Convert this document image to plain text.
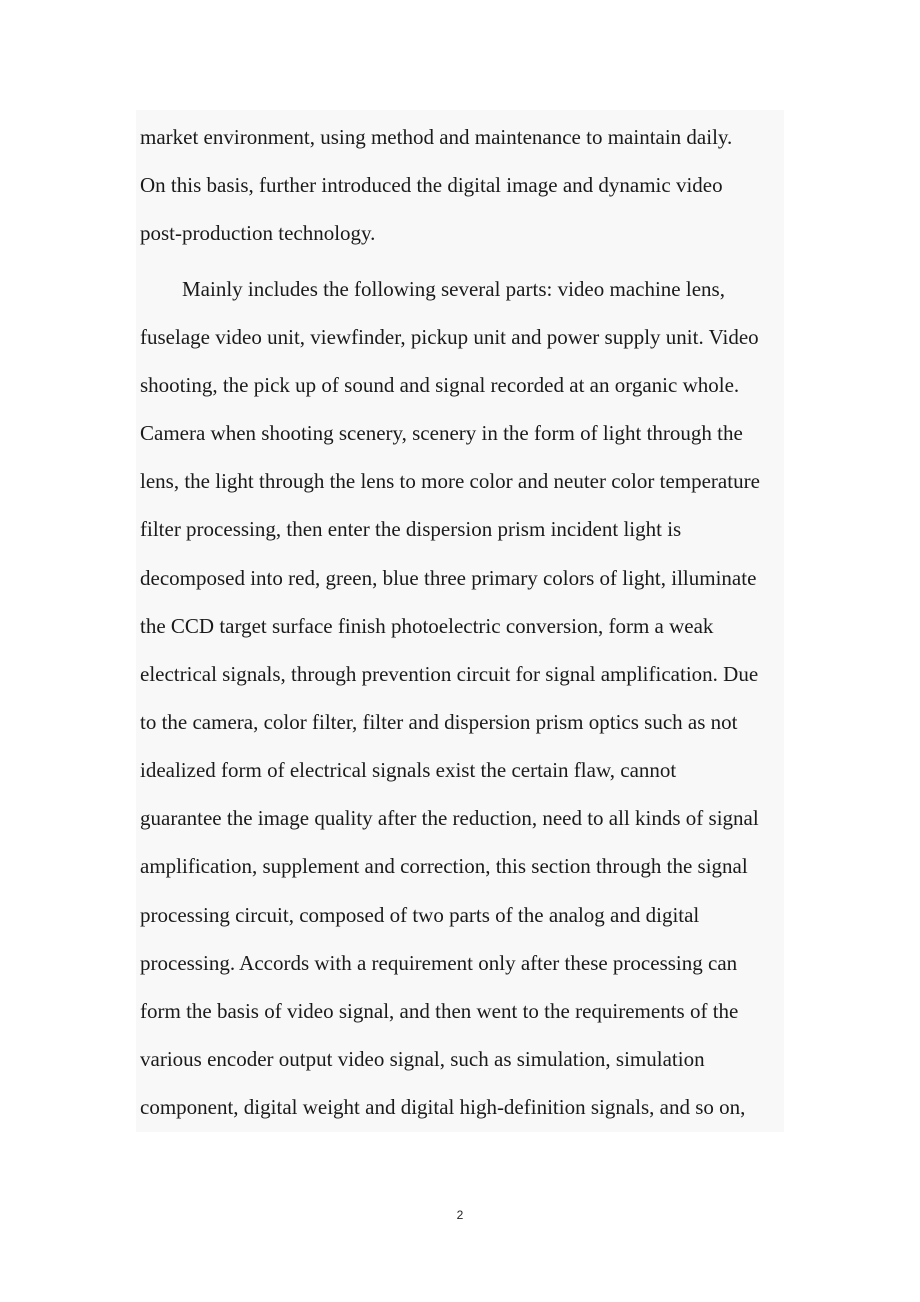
market environment, using method and maintenance to maintain daily.
On this basis, further introduced the digital image and dynamic video
post-production technology.
Mainly includes the following several parts: video machine lens,
fuselage video unit, viewfinder, pickup unit and power supply unit. Video
shooting, the pick up of sound and signal recorded at an organic whole.
Camera when shooting scenery, scenery in the form of light through the
lens, the light through the lens to more color and neuter color temperature
filter processing, then enter the dispersion prism incident light is
decomposed into red, green, blue three primary colors of light, illuminate
the CCD target surface finish photoelectric conversion, form a weak
electrical signals, through prevention circuit for signal amplification. Due
to the camera, color filter, filter and dispersion prism optics such as not
idealized form of electrical signals exist the certain flaw, cannot
guarantee the image quality after the reduction, need to all kinds of signal
amplification, supplement and correction, this section through the signal
processing circuit, composed of two parts of the analog and digital
processing. Accords with a requirement only after these processing can
form the basis of video signal, and then went to the requirements of the
various encoder output video signal, such as simulation, simulation
component, digital weight and digital high-definition signals, and so on,
2
